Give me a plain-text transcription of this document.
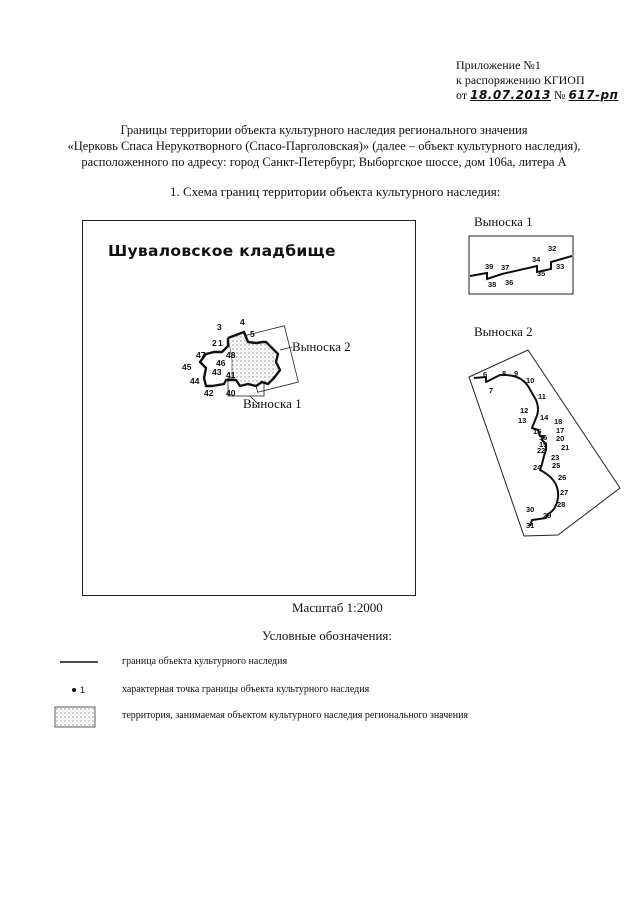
Приложение №1
к распоряжению КГИОП
от 18.07.2013 № 617-рп
Границы территории объекта культурного наследия регионального значения
«Церковь Спаса Нерукотворного (Спасо-Парголовская)» (далее – объект культурного наследия),
расположенного по адресу: город Санкт-Петербург, Выборгское шоссе, дом 106а, литера А
1. Схема границ территории объекта культурного наследия:
Шуваловское кладбище
3 4
5
2 1
47 48
46
45 43 41
44
42 40
32
34
33
35
39 37
38 36
6
7
8 9
10
11
12
13 14
15
18
17
16 20
19 21
22
23
24 25
26
27
28
29
30
31
1
Выноска 2
Выноска 1
Выноска 1
Выноска 2
Масштаб 1:2000
Условные обозначения:
граница объекта культурного наследия
характерная точка границы объекта культурного наследия
территория, занимаемая объектом культурного наследия регионального значения
